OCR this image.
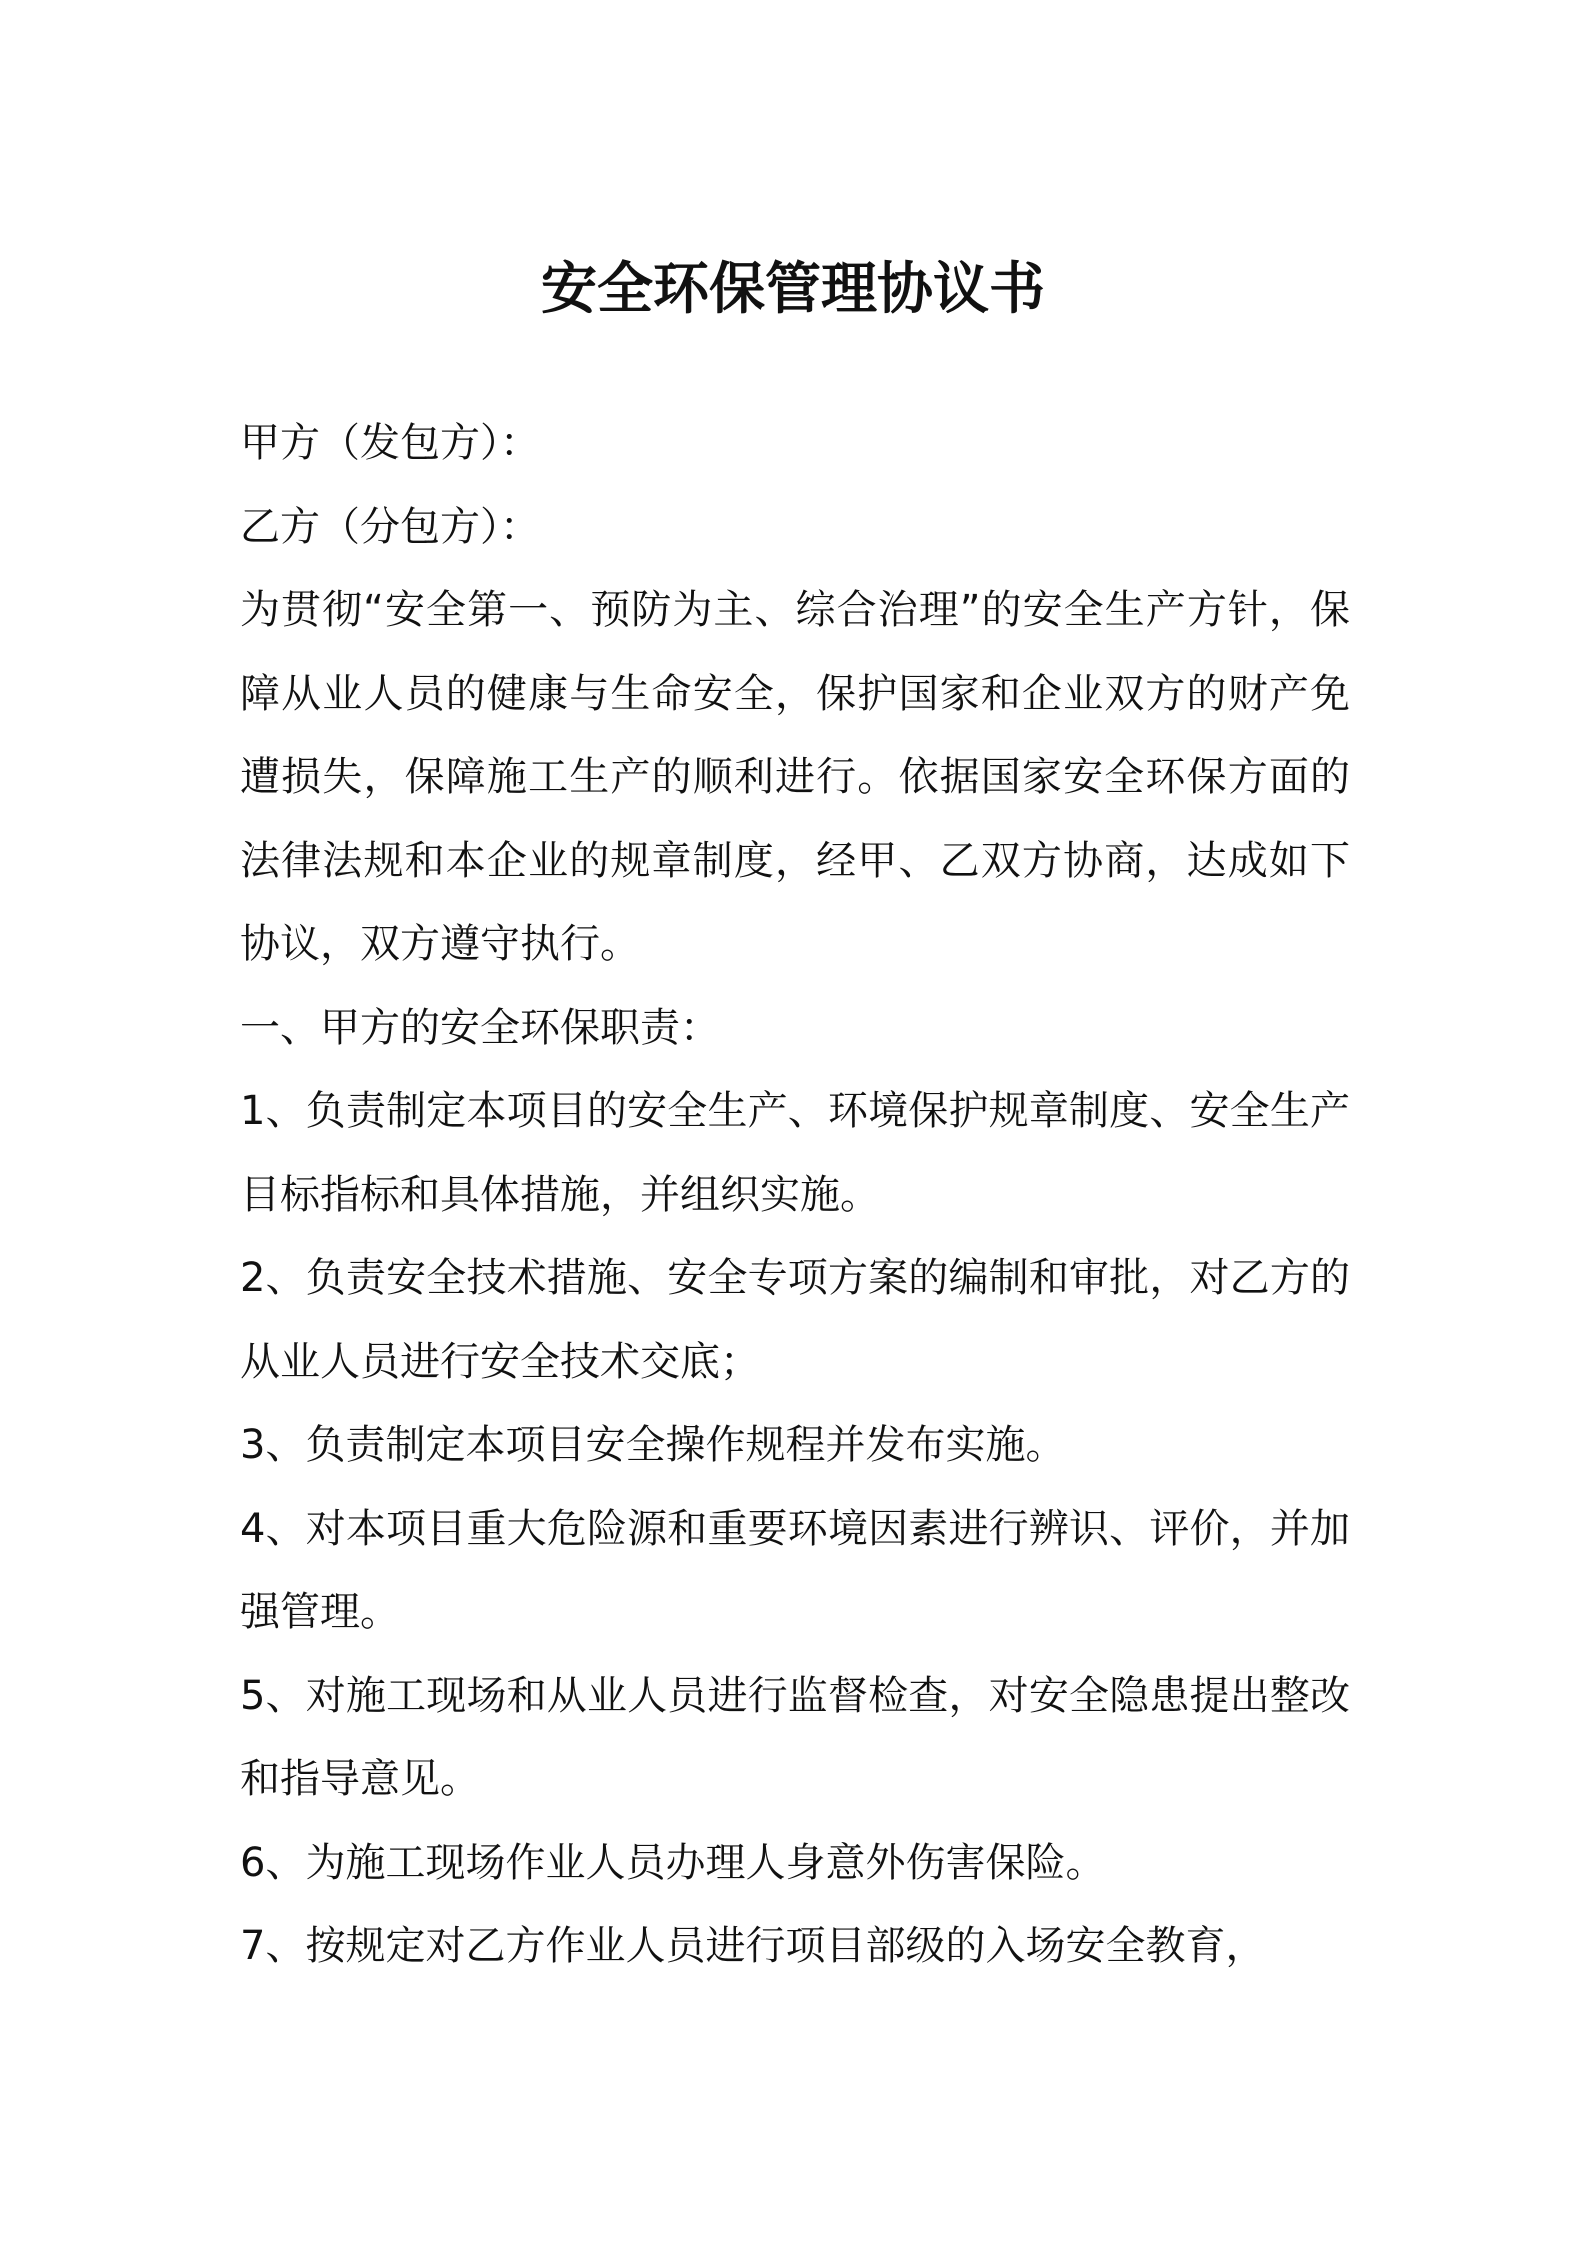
安全环保管理协议书

甲方（发包方）：

乙方（分包方）：

为贯彻“安全第一、预防为主、综合治理”的安全生产方针，保障从业人员的健康与生命安全，保护国家和企业双方的财产免遭损失，保障施工生产的顺利进行。依据国家安全环保方面的法律法规和本企业的规章制度，经甲、乙双方协商，达成如下协议，双方遵守执行。

一、甲方的安全环保职责：

1、负责制定本项目的安全生产、环境保护规章制度、安全生产目标指标和具体措施，并组织实施。

2、负责安全技术措施、安全专项方案的编制和审批，对乙方的从业人员进行安全技术交底；

3、负责制定本项目安全操作规程并发布实施。

4、对本项目重大危险源和重要环境因素进行辨识、评价，并加强管理。

5、对施工现场和从业人员进行监督检查，对安全隐患提出整改和指导意见。

6、为施工现场作业人员办理人身意外伤害保险。

7、按规定对乙方作业人员进行项目部级的入场安全教育，
